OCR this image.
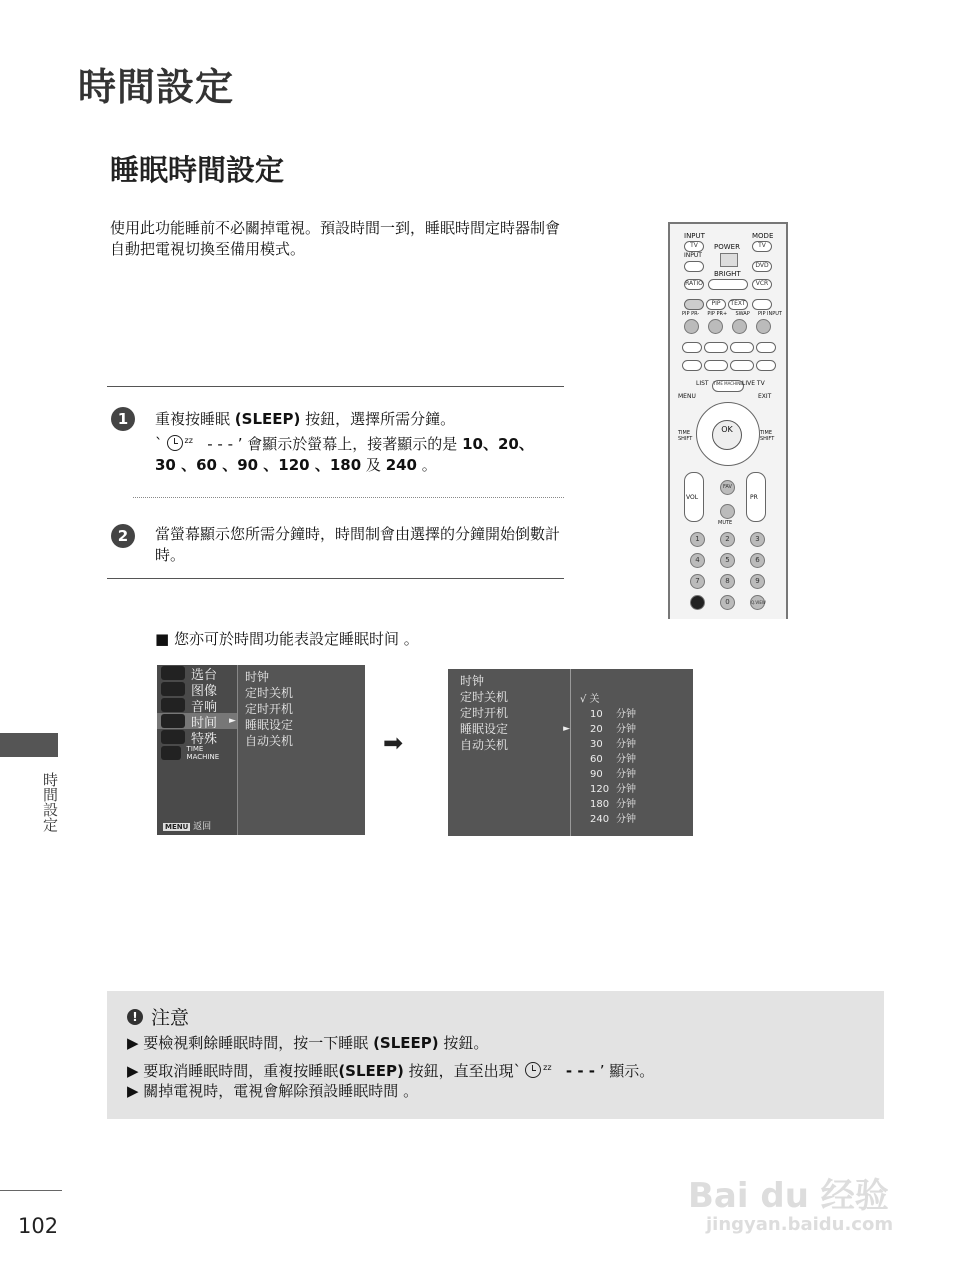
時間設定
睡眠時間設定
使用此功能睡前不必關掉電視。預設時間一到，睡眠時間定時器制會自動把電視切換至備用模式。
INPUT
TV	POWER
MODE
TV
INPUT
DVD
BRIGHT
RATIO	VCR
PIP	TEXT
PIP PR- PIP PR+ SWAP PIP INPUT
LIST	TIME MACHINE LIVE TV
MENU	EXIT
OK
TIME SHIFT
TIME SHIFT
VOL	PR
FAV
MUTE
1	2	3
4	5	6
7	8	9
0	Q.VIEW
1	重複按睡眠 (SLEEP) 按鈕，選擇所需分鐘。
`	$^{zz}$ - - - ’ 會顯示於螢幕上，接著顯示的是 10、20、
30 、60 、90 、120 、180 及 240 。
2	當螢幕顯示您所需分鐘時，時間制會由選擇的分鐘開始倒數計時。
■ 您亦可於時間功能表設定睡眠时间 。
选台
图像
音响
时间 ►
特殊
TIME MACHINE
MENU 返回
时钟
定时关机
定时开机
睡眠设定
自动关机	➡
时钟
定时关机
定时开机
睡眠设定	►
自动关机
√ 关
10 分钟
20 分钟
30 分钟
60 分钟
90 分钟
120 分钟
180 分钟
240 分钟
時間設定
! 注意
▶ 要檢視剩餘睡眠時間，按一下睡眠 (SLEEP) 按鈕。
▶ 要取消睡眠時間，重複按睡眠(SLEEP) 按鈕，直至出現`	$^{zz}$ - - - ’ 顯示。
▶ 關掉電視時，電視會解除預設睡眠時間 。
102
Bai du 经验
jingyan.baidu.com
